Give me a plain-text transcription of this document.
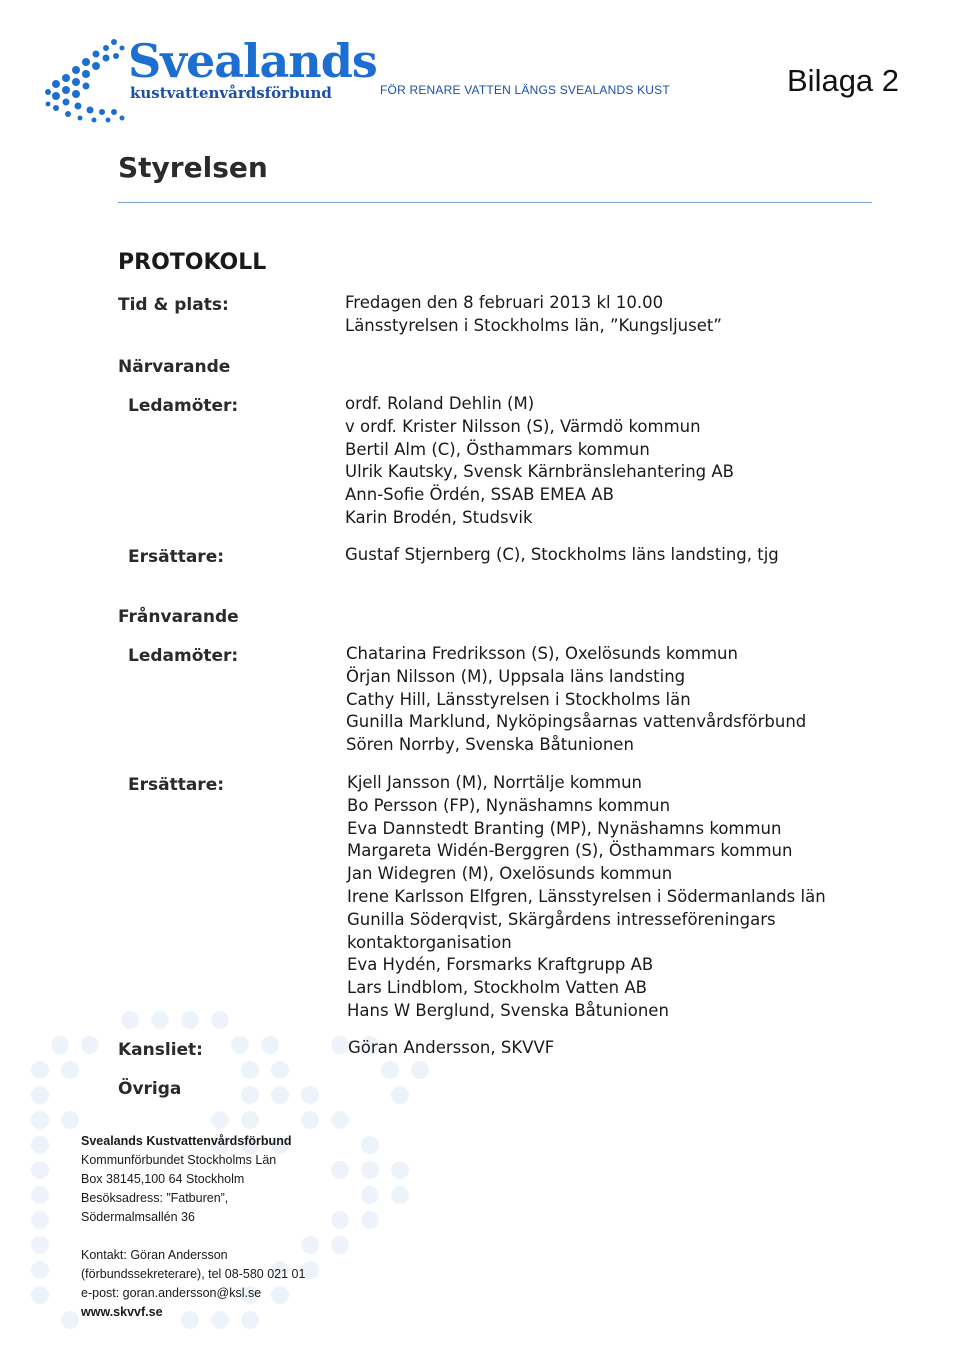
Svealands
kustvattenvårdsförbund	FÖR RENARE VATTEN LÄNGS SVEALANDS KUST	Bilaga 2
Styrelsen
PROTOKOLL
Tid & plats:	Fredagen den 8 februari 2013 kl 10.00
Länsstyrelsen i Stockholms län, ”Kungsljuset”
Närvarande
Ledamöter:	ordf. Roland Dehlin (M)
v ordf. Krister Nilsson (S), Värmdö kommun
Bertil Alm (C), Östhammars kommun
Ulrik Kautsky, Svensk Kärnbränslehantering AB
Ann-Sofie Ördén, SSAB EMEA AB
Karin Brodén, Studsvik
Ersättare:	Gustaf Stjernberg (C), Stockholms läns landsting, tjg
Frånvarande
Ledamöter:	Chatarina Fredriksson (S), Oxelösunds kommun
Örjan Nilsson (M), Uppsala läns landsting
Cathy Hill, Länsstyrelsen i Stockholms län
Gunilla Marklund, Nyköpingsåarnas vattenvårdsförbund
Sören Norrby, Svenska Båtunionen
Ersättare:	Kjell Jansson (M), Norrtälje kommun
Bo Persson (FP), Nynäshamns kommun
Eva Dannstedt Branting (MP), Nynäshamns kommun
Margareta Widén-Berggren (S), Östhammars kommun
Jan Widegren (M), Oxelösunds kommun
Irene Karlsson Elfgren, Länsstyrelsen i Södermanlands län
Gunilla Söderqvist, Skärgårdens intresseföreningars
kontaktorganisation
Eva Hydén, Forsmarks Kraftgrupp AB
Lars Lindblom, Stockholm Vatten AB
Hans W Berglund, Svenska Båtunionen
Kansliet:	Göran Andersson, SKVVF
Övriga
Svealands Kustvattenvårdsförbund
Kommunförbundet Stockholms Län
Box 38145,100 64 Stockholm
Besöksadress: ”Fatburen”,
Södermalmsallén 36
Kontakt: Göran Andersson
(förbundssekreterare), tel 08-580 021 01
e-post: goran.andersson@ksl.se
www.skvvf.se
